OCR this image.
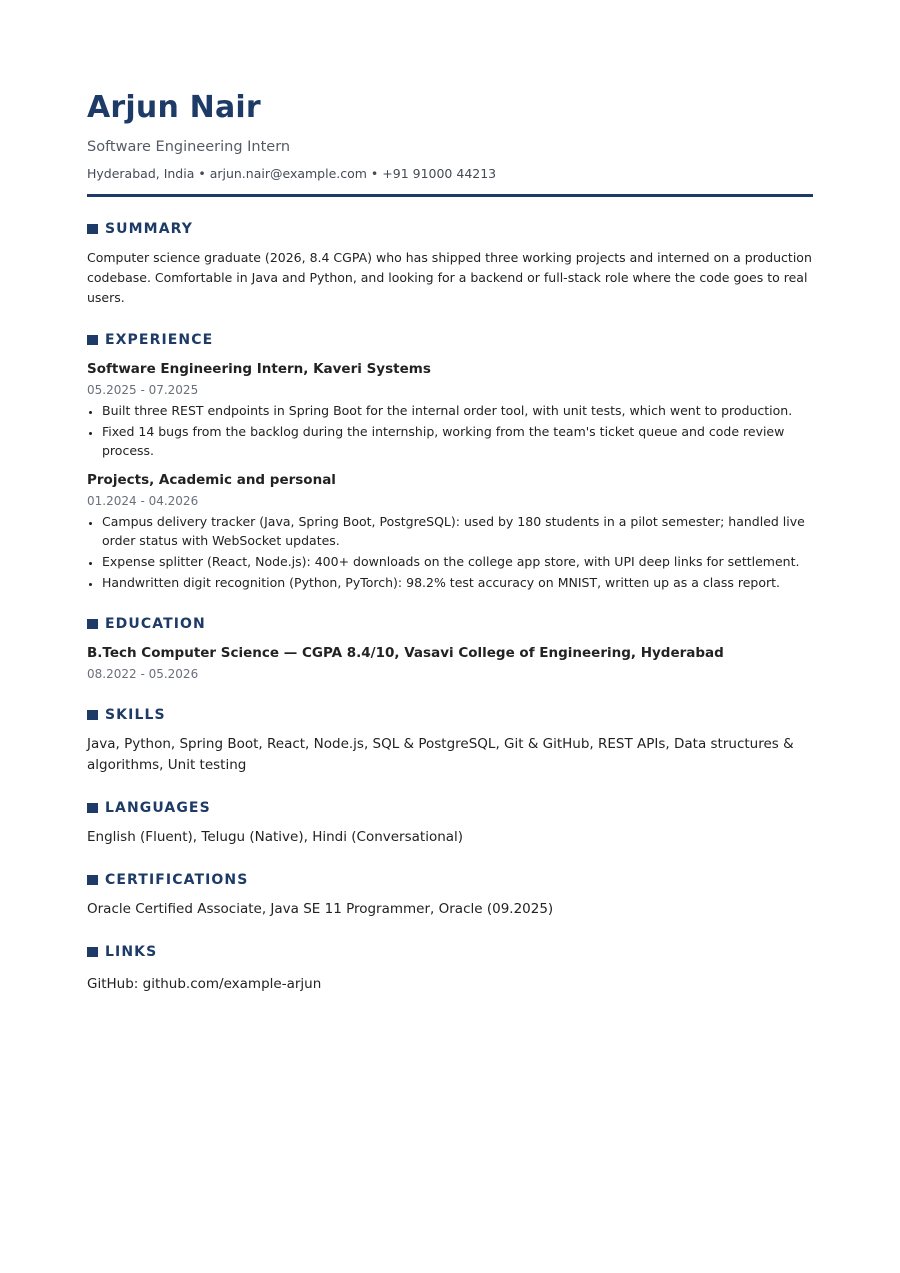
Arjun Nair
Software Engineering Intern
Hyderabad, India • arjun.nair@example.com • +91 91000 44213
SUMMARY

Computer science graduate (2026, 8.4 CGPA) who has shipped three working projects and interned on a production codebase. Comfortable in Java and Python, and looking for a backend or full-stack role where the code goes to real users.

EXPERIENCE

Software Engineering Intern, Kaveri Systems

05.2025 - 07.2025
• Built three REST endpoints in Spring Boot for the internal order tool, with unit tests, which went to production.
• Fixed 14 bugs from the backlog during the internship, working from the team's ticket queue and code review process.

Projects, Academic and personal

01.2024 - 04.2026
• Campus delivery tracker (Java, Spring Boot, PostgreSQL): used by 180 students in a pilot semester; handled live order status with WebSocket updates.
• Expense splitter (React, Node.js): 400+ downloads on the college app store, with UPI deep links for settlement.
• Handwritten digit recognition (Python, PyTorch): 98.2% test accuracy on MNIST, written up as a class report.
EDUCATION

B.Tech Computer Science — CGPA 8.4/10, Vasavi College of Engineering, Hyderabad

08.2022 - 05.2026
SKILLS

Java, Python, Spring Boot, React, Node.js, SQL & PostgreSQL, Git & GitHub, REST APIs, Data structures & algorithms, Unit testing

LANGUAGES

English (Fluent), Telugu (Native), Hindi (Conversational)

CERTIFICATIONS

Oracle Certified Associate, Java SE 11 Programmer, Oracle (09.2025)

LINKS

GitHub: github.com/example-arjun
